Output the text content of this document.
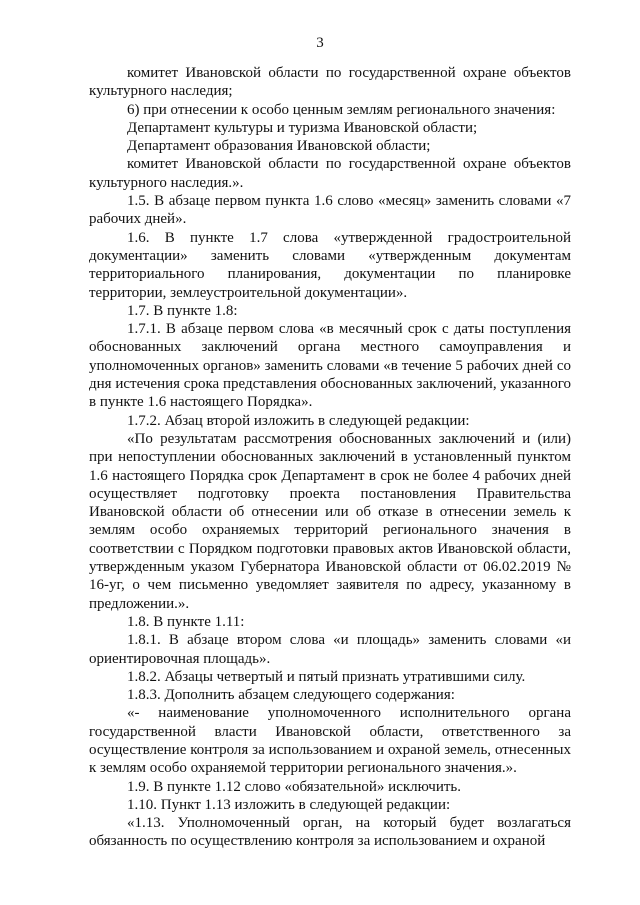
3

комитет Ивановской области по государственной охране объектов культурного наследия;

6) при отнесении к особо ценным землям регионального значения:

Департамент культуры и туризма Ивановской области;

Департамент образования Ивановской области;

комитет Ивановской области по государственной охране объектов культурного наследия.».

1.5. В абзаце первом пункта 1.6 слово «месяц» заменить словами «7 рабочих дней».

1.6. В пункте 1.7 слова «утвержденной градостроительной документации» заменить словами «утвержденным документам территориального планирования, документации по планировке территории, землеустроительной документации».

1.7. В пункте 1.8:

1.7.1. В абзаце первом слова «в месячный срок с даты поступления обоснованных заключений органа местного самоуправления и уполномоченных органов» заменить словами «в течение 5 рабочих дней со дня истечения срока представления обоснованных заключений, указанного в пункте 1.6 настоящего Порядка».

1.7.2. Абзац второй изложить в следующей редакции:

«По результатам рассмотрения обоснованных заключений и (или) при непоступлении обоснованных заключений в установленный пунктом 1.6 настоящего Порядка срок Департамент в срок не более 4 рабочих дней осуществляет подготовку проекта постановления Правительства Ивановской области об отнесении или об отказе в отнесении земель к землям особо охраняемых территорий регионального значения в соответствии с Порядком подготовки правовых актов Ивановской области, утвержденным указом Губернатора Ивановской области от 06.02.2019 № 16-уг, о чем письменно уведомляет заявителя по адресу, указанному в предложении.».

1.8. В пункте 1.11:

1.8.1. В абзаце втором слова «и площадь» заменить словами «и ориентировочная площадь».

1.8.2. Абзацы четвертый и пятый признать утратившими силу.

1.8.3. Дополнить абзацем следующего содержания:

«- наименование уполномоченного исполнительного органа государственной власти Ивановской области, ответственного за осуществление контроля за использованием и охраной земель, отнесенных к землям особо охраняемой территории регионального значения.».

1.9. В пункте 1.12 слово «обязательной» исключить.

1.10. Пункт 1.13 изложить в следующей редакции:

«1.13. Уполномоченный орган, на который будет возлагаться обязанность по осуществлению контроля за использованием и охраной
